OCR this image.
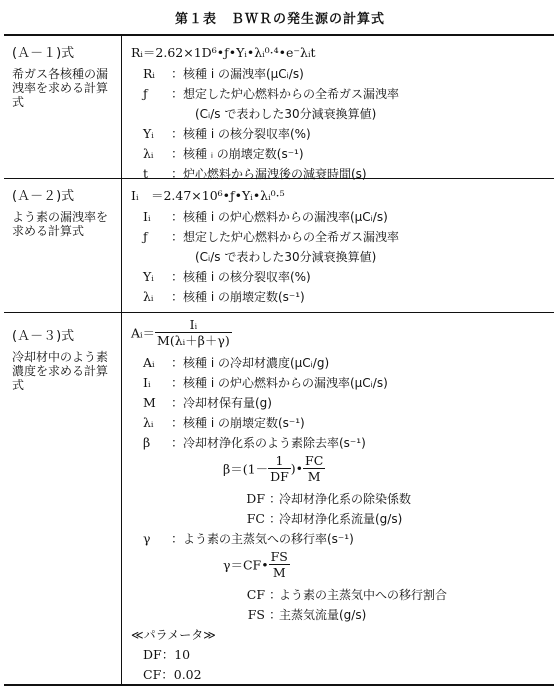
第１表　ＢＷＲの発生源の計算式
(Ａ－１)式
希ガス各核種の漏洩率を求める計算式
Rᵢ＝2.62×1D⁶•ƒ•Yᵢ•λᵢ⁰·⁴•e⁻λᵢt
Rᵢ	： 核種 i の漏洩率(μCᵢ/s)
ƒ	： 想定した炉心燃料からの全希ガス漏洩率
(Cᵢ/s で表わした30分減衰換算値)
Yᵢ	： 核種 i の核分裂収率(%)
λᵢ	： 核種 ᵢ の崩壊定数(s⁻¹)
t	： 炉心燃料から漏洩後の減衰時間(s)
(Ａ－２)式
よう素の漏洩率を求める計算式
Iᵢ　＝2.47×10⁶•ƒ•Yᵢ•λᵢ⁰·⁵
Iᵢ	： 核種 i の炉心燃料からの漏洩率(μCᵢ/s)
ƒ	： 想定した炉心燃料からの全希ガス漏洩率
(Cᵢ/s で表わした30分減衰換算値)
Yᵢ	： 核種 i の核分裂収率(%)
λᵢ	： 核種 i の崩壊定数(s⁻¹)
(Ａ－３)式
冷却材中のよう素濃度を求める計算式
Aᵢ＝ $\frac{\text{Iᵢ}}{\text{M(λᵢ＋β＋γ)}}$
Aᵢ	： 核種 i の冷却材濃度(μCᵢ/g)
Iᵢ	： 核種 i の炉心燃料からの漏洩率(μCᵢ/s)
M	： 冷却材保有量(g)
λᵢ	： 核種 i の崩壊定数(s⁻¹)
β	： 冷却材浄化系のよう素除去率(s⁻¹)
$\beta=(1- \frac{1}{DF}$ )• $\frac{FC}{M}$
DF ：
冷却材浄化系の除染係数
FC ：
冷却材浄化系流量(g/s)
γ	： よう素の主蒸気への移行率(s⁻¹)
γ＝CF• $\frac{FS}{M}$
CF ：
よう素の主蒸気中への移行割合
FS ：
主蒸気流量(g/s)
≪パラメータ≫
DF：10
CF：0.02
